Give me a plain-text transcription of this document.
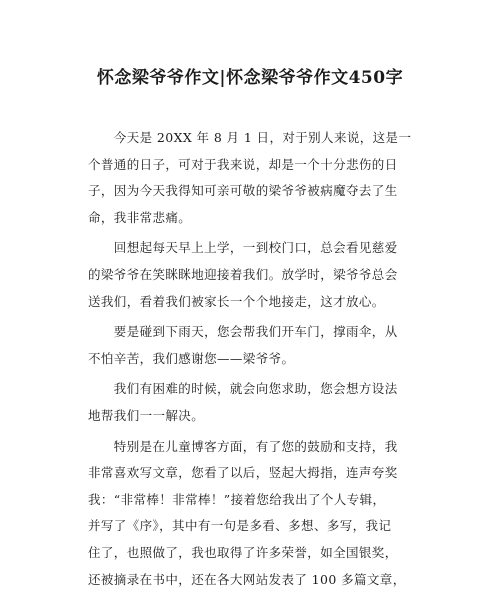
怀念梁爷爷作文|怀念梁爷爷作文450字

　　今天是 20XX 年 8 月 1 日，对于别人来说，这是一
个普通的日子，可对于我来说，却是一个十分悲伤的日
子，因为今天我得知可亲可敬的梁爷爷被病魔夺去了生
命，我非常悲痛。

　　回想起每天早上上学，一到校门口，总会看见慈爱
的梁爷爷在笑眯眯地迎接着我们。放学时，梁爷爷总会
送我们，看着我们被家长一个个地接走，这才放心。

　　要是碰到下雨天，您会帮我们开车门，撑雨伞，从
不怕辛苦，我们感谢您——梁爷爷。

　　我们有困难的时候，就会向您求助，您会想方设法
地帮我们一一解决。

　　特别是在儿童博客方面，有了您的鼓励和支持，我
非常喜欢写文章，您看了以后，竖起大拇指，连声夸奖
我：“非常棒！非常棒！”接着您给我出了个人专辑，
并写了《序》，其中有一句是多看、多想、多写，我记
住了，也照做了，我也取得了许多荣誉，如全国银奖，
还被摘录在书中，还在各大网站发表了 100 多篇文章，
